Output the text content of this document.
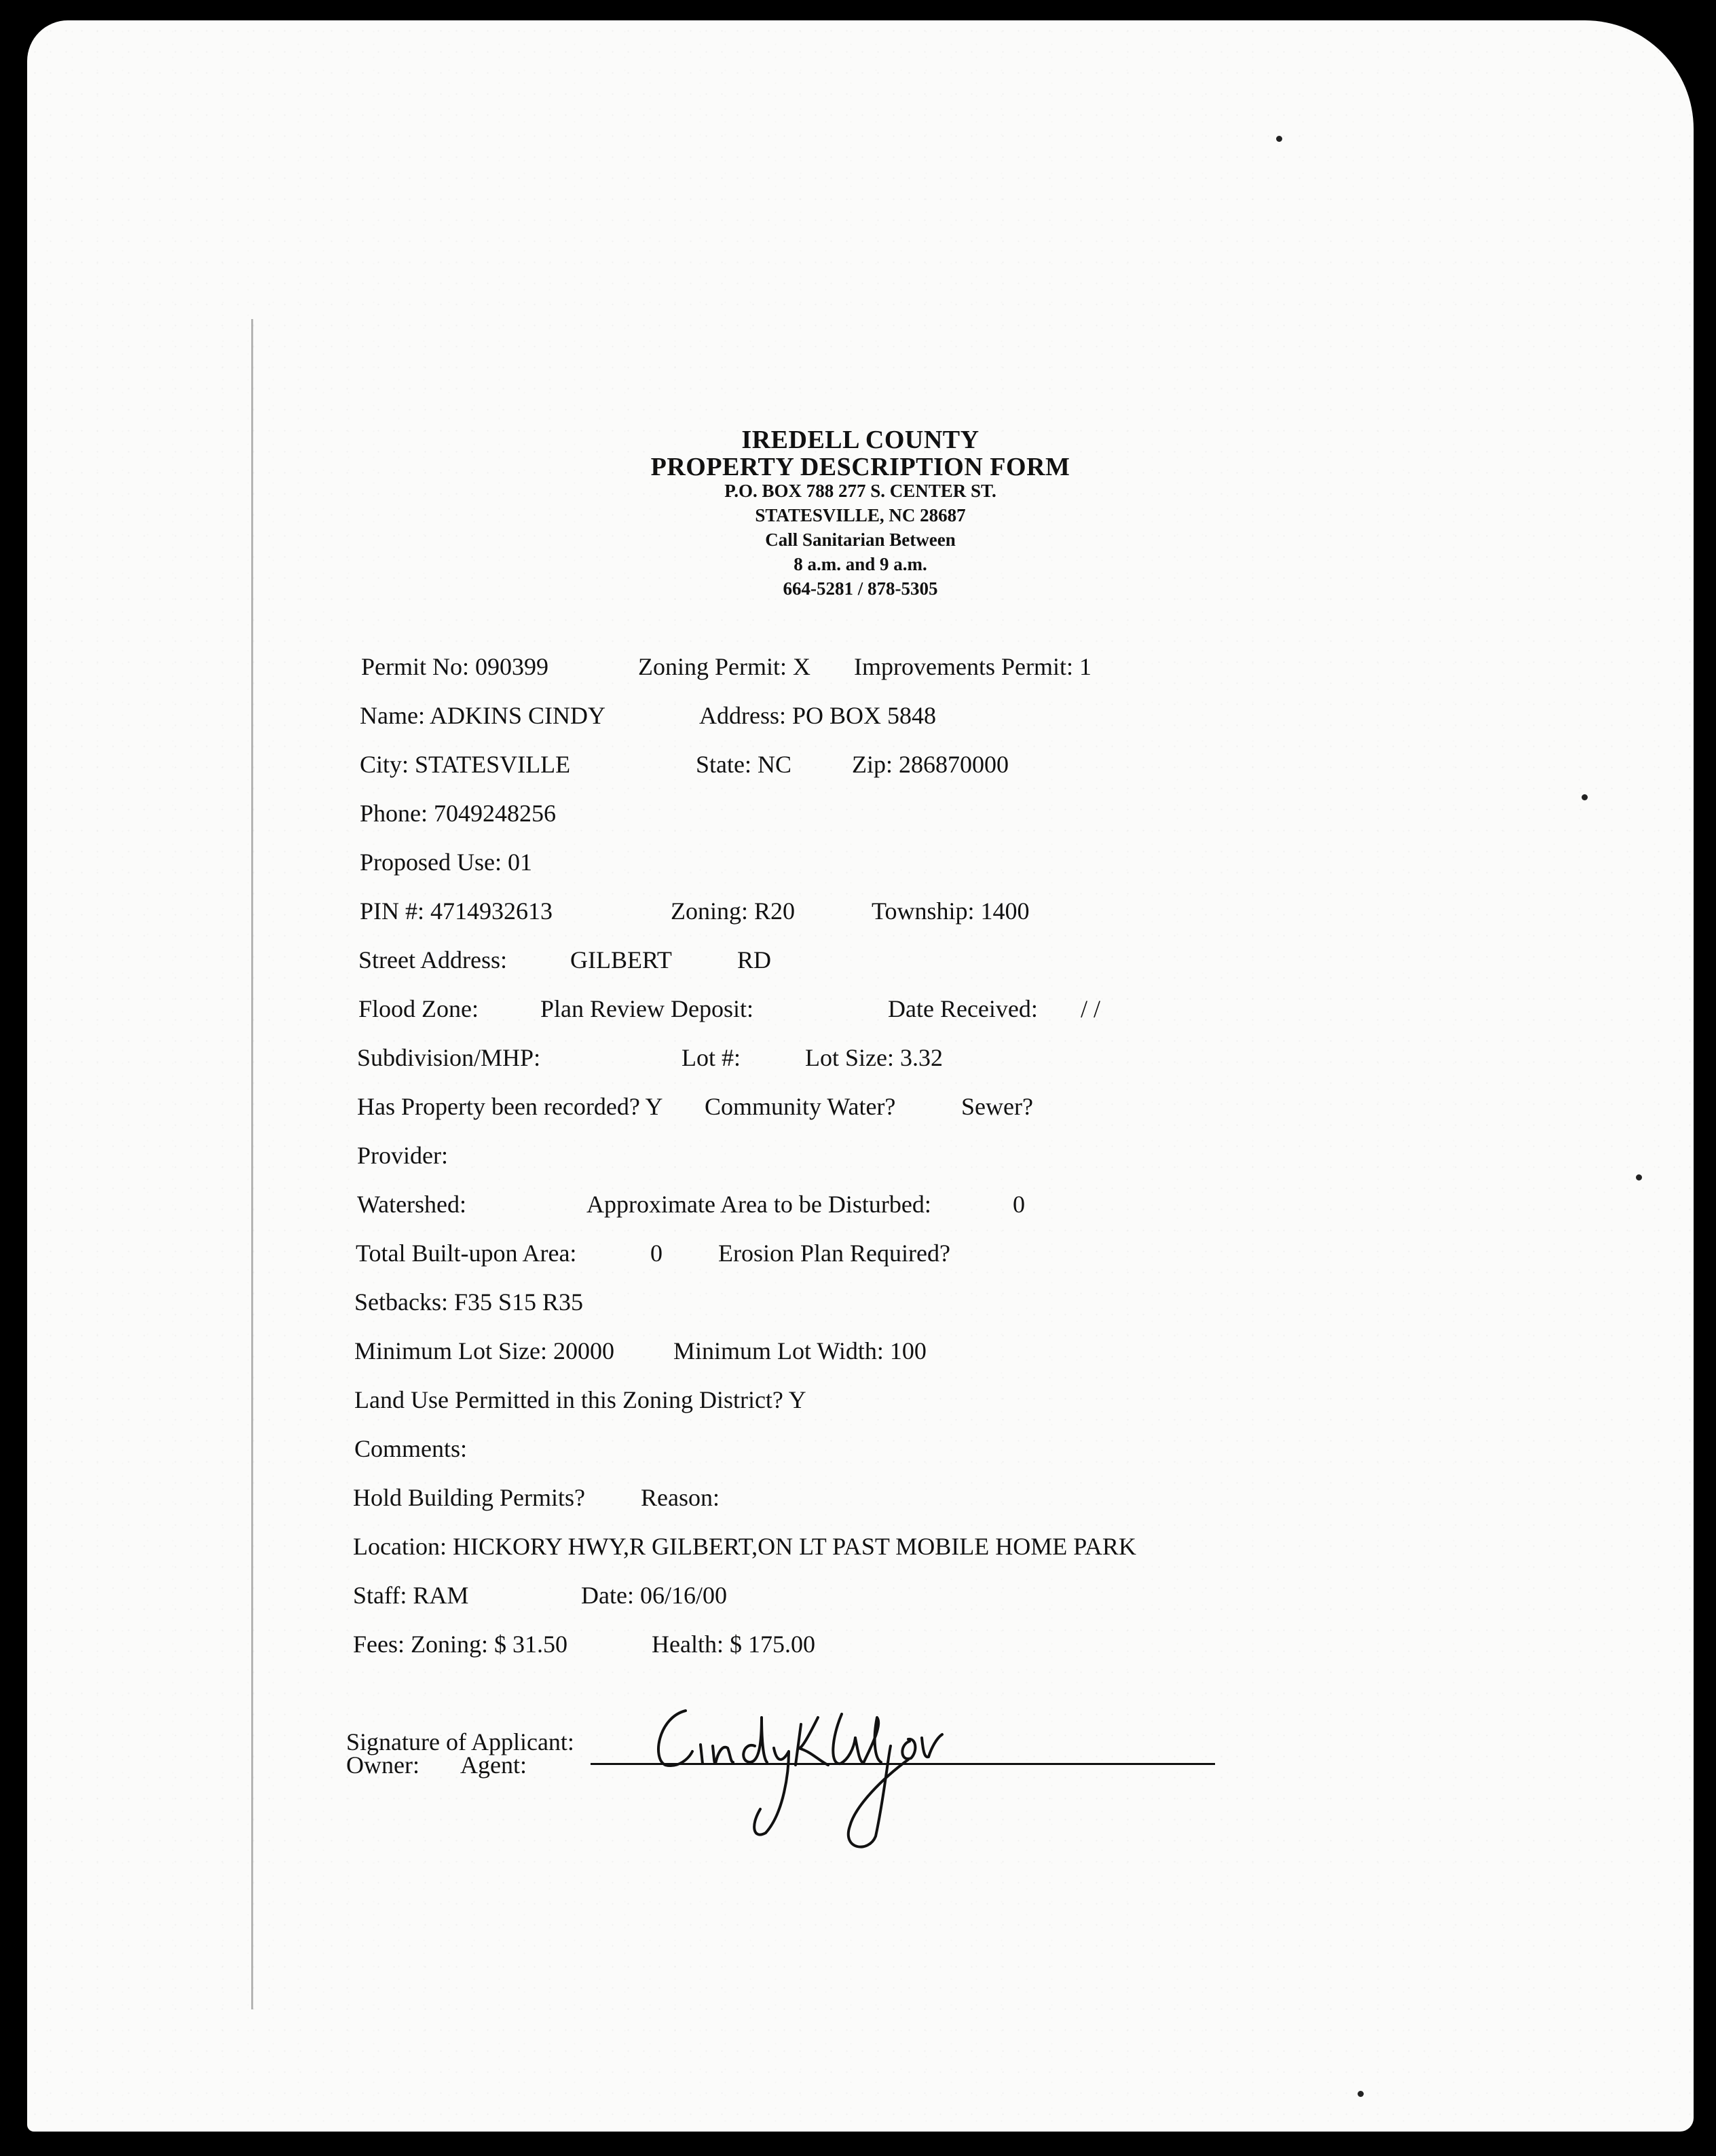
IREDELL COUNTY
PROPERTY DESCRIPTION FORM
P.O. BOX 788 277 S. CENTER ST.
STATESVILLE, NC 28687
Call Sanitarian Between
8 a.m. and 9 a.m.
664-5281 / 878-5305
Permit No: 090399	Zoning Permit: X Improvements Permit: 1
Name: ADKINS CINDY	Address: PO BOX 5848
City: STATESVILLE	State: NC Zip: 286870000
Phone: 7049248256
Proposed Use: 01
PIN #: 4714932613	Zoning: R20	Township: 1400
Street Address:	GILBERT	RD
Flood Zone:	Plan Review Deposit:	Date Received: / /
Subdivision/MHP:	Lot #:	Lot Size: 3.32
Has Property been recorded? Y Community Water?	Sewer?
Provider:
Watershed:	Approximate Area to be Disturbed:	0
Total Built-upon Area:	0 Erosion Plan Required?
Setbacks: F35 S15 R35
Minimum Lot Size: 20000 Minimum Lot Width: 100
Land Use Permitted in this Zoning District? Y
Comments:
Hold Building Permits? Reason:
Location: HICKORY HWY,R GILBERT,ON LT PAST MOBILE HOME PARK
Staff: RAM	Date: 06/16/00
Fees: Zoning: $ 31.50	Health: $ 175.00
Signature of Applicant:
Owner: Agent:
